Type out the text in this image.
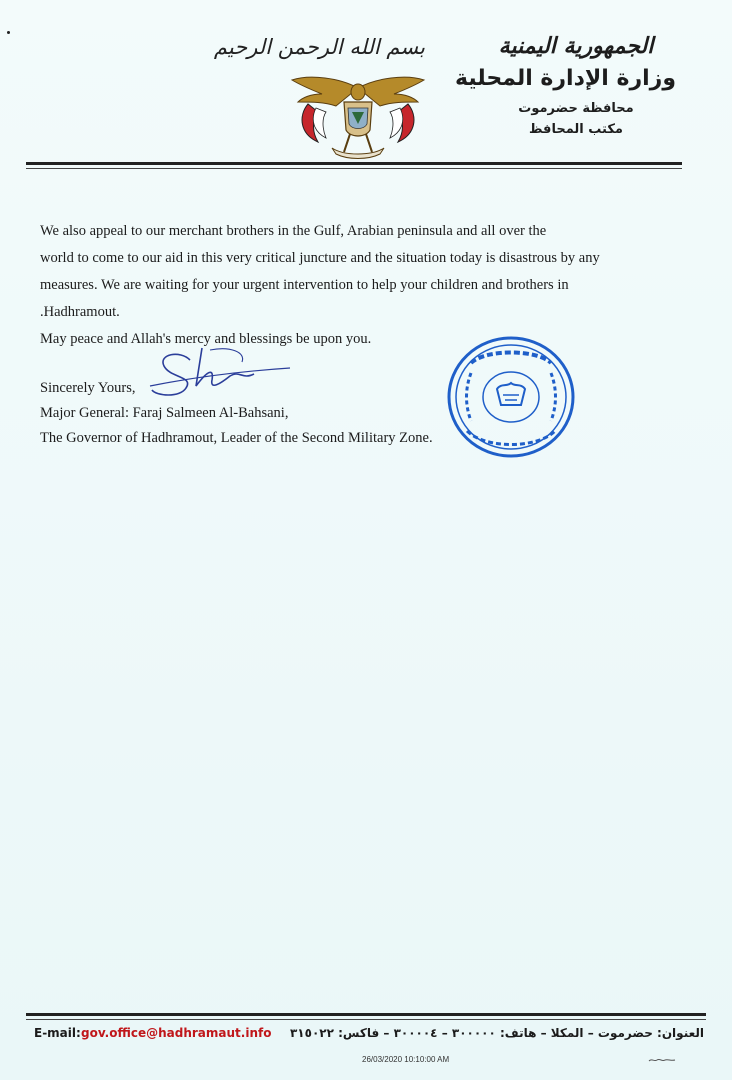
بسم الله الرحمن الرحيم	الجمهورية اليمنية
وزارة الإدارة المحلية
محافظة حضرموت
مكتب المحافظ
We also appeal to our merchant brothers in the Gulf, Arabian peninsula and all over the
world to come to our aid in this very critical juncture and the situation today is disastrous by any
measures. We are waiting for your urgent intervention to help your children and brothers in
.Hadhramout.
May peace and Allah's mercy and blessings be upon you.
Sincerely Yours,
Major General: Faraj Salmeen Al-Bahsani,
The Governor of Hadhramout, Leader of the Second Military Zone.
E-mail: gov.office@hadhramaut.info	العنوان: حضرموت – المكلا – هاتف: ٣٠٠٠٠٠ – ٣٠٠٠٠٤ – فاكس: ٣١٥٠٢٢
26/03/2020 10:10:00 AM
